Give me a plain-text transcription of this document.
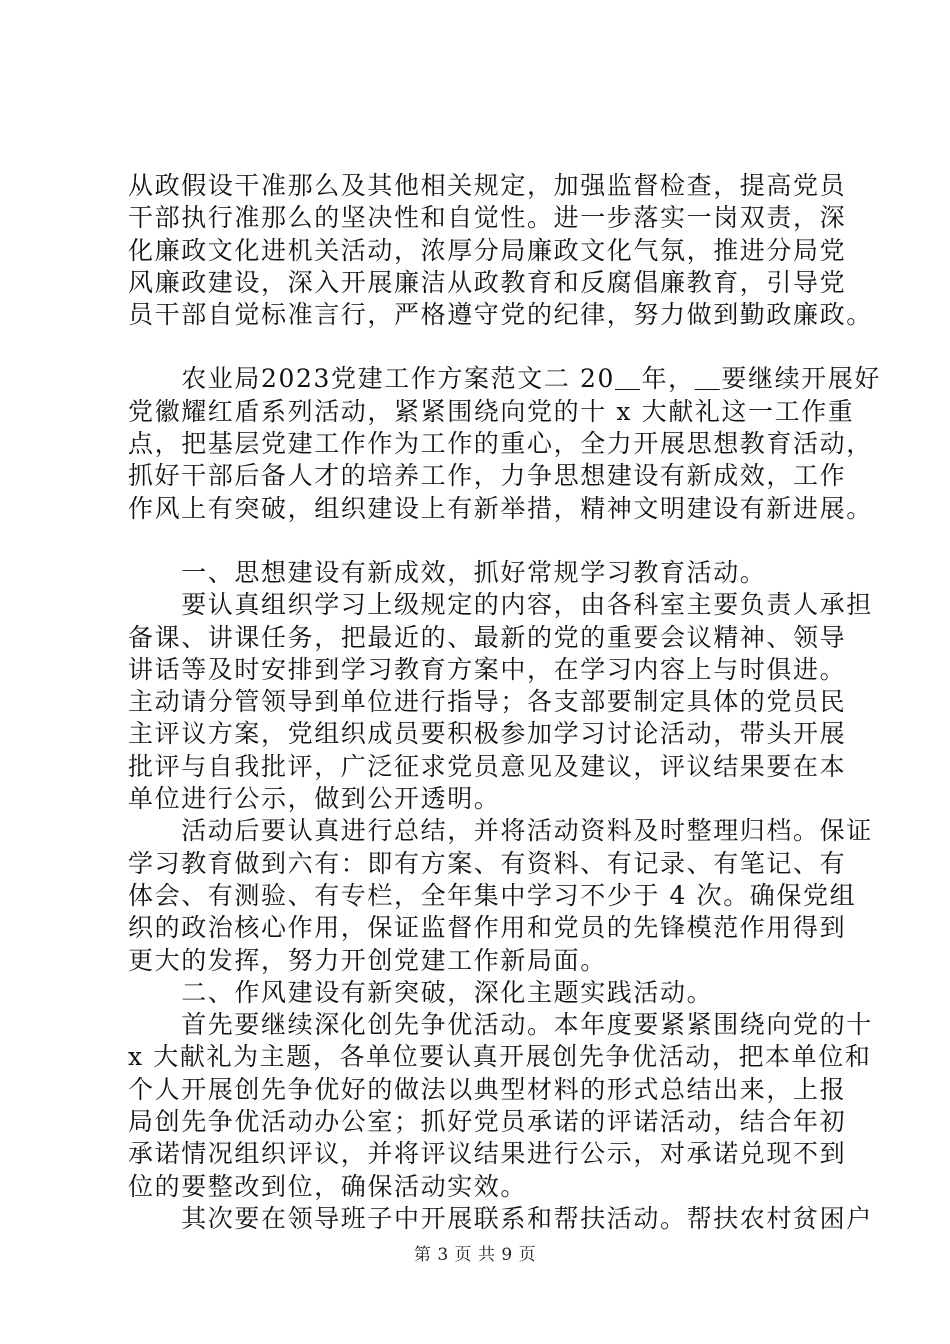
从政假设干准那么及其他相关规定，加强监督检查，提高党员
干部执行准那么的坚决性和自觉性。进一步落实一岗双责，深
化廉政文化进机关活动，浓厚分局廉政文化气氛，推进分局党
风廉政建设，深入开展廉洁从政教育和反腐倡廉教育，引导党
员干部自觉标准言行，严格遵守党的纪律，努力做到勤政廉政。
　　农业局2023党建工作方案范文二 20＿年，＿要继续开展好
党徽耀红盾系列活动，紧紧围绕向党的十 x 大献礼这一工作重
点，把基层党建工作作为工作的重心，全力开展思想教育活动，
抓好干部后备人才的培养工作，力争思想建设有新成效，工作
作风上有突破，组织建设上有新举措，精神文明建设有新进展。
　　一、思想建设有新成效，抓好常规学习教育活动。
　　要认真组织学习上级规定的内容，由各科室主要负责人承担
备课、讲课任务，把最近的、最新的党的重要会议精神、领导
讲话等及时安排到学习教育方案中，在学习内容上与时俱进。
主动请分管领导到单位进行指导；各支部要制定具体的党员民
主评议方案，党组织成员要积极参加学习讨论活动，带头开展
批评与自我批评，广泛征求党员意见及建议，评议结果要在本
单位进行公示，做到公开透明。
　　活动后要认真进行总结，并将活动资料及时整理归档。保证
学习教育做到六有：即有方案、有资料、有记录、有笔记、有
体会、有测验、有专栏，全年集中学习不少于 4 次。确保党组
织的政治核心作用，保证监督作用和党员的先锋模范作用得到
更大的发挥，努力开创党建工作新局面。
　　二、作风建设有新突破，深化主题实践活动。
　　首先要继续深化创先争优活动。本年度要紧紧围绕向党的十
x 大献礼为主题，各单位要认真开展创先争优活动，把本单位和
个人开展创先争优好的做法以典型材料的形式总结出来，上报
局创先争优活动办公室；抓好党员承诺的评诺活动，结合年初
承诺情况组织评议，并将评议结果进行公示，对承诺兑现不到
位的要整改到位，确保活动实效。
　　其次要在领导班子中开展联系和帮扶活动。帮扶农村贫困户
第 3 页 共 9 页
